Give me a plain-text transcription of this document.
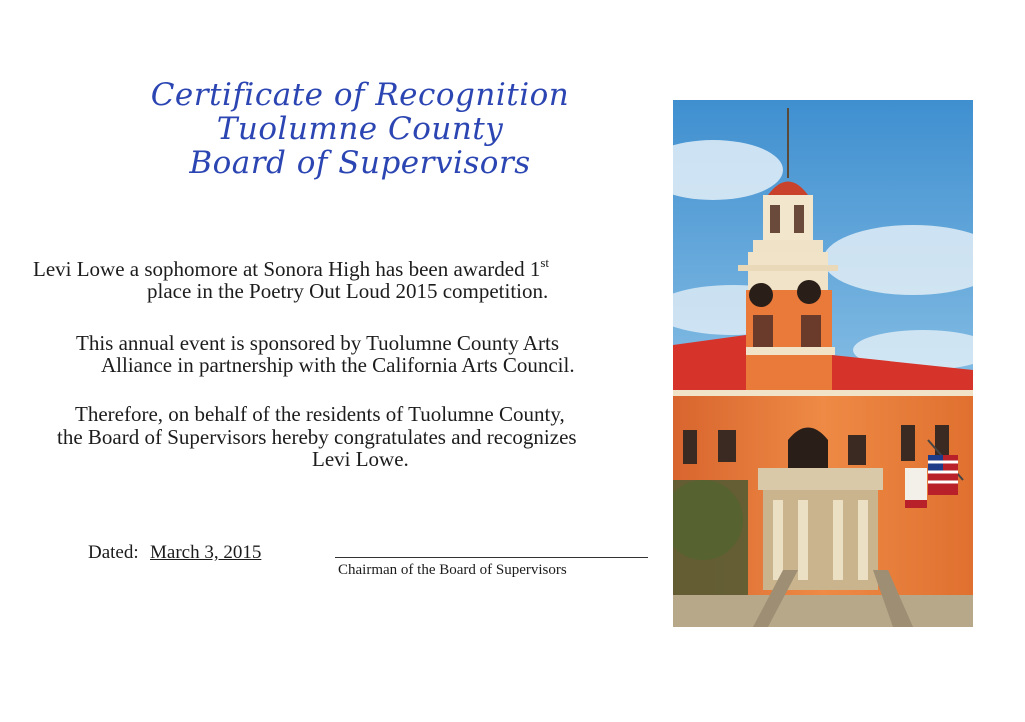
Certificate of Recognition
Tuolumne County
Board of Supervisors
Levi Lowe a sophomore at Sonora High has been awarded 1st
place in the Poetry Out Loud 2015 competition.
This annual event is sponsored by Tuolumne County Arts
Alliance in partnership with the California Arts Council.
Therefore, on behalf of the residents of Tuolumne County,
the Board of Supervisors hereby congratulates and recognizes
Levi Lowe.
Dated: March 3, 2015
Chairman of the Board of Supervisors
